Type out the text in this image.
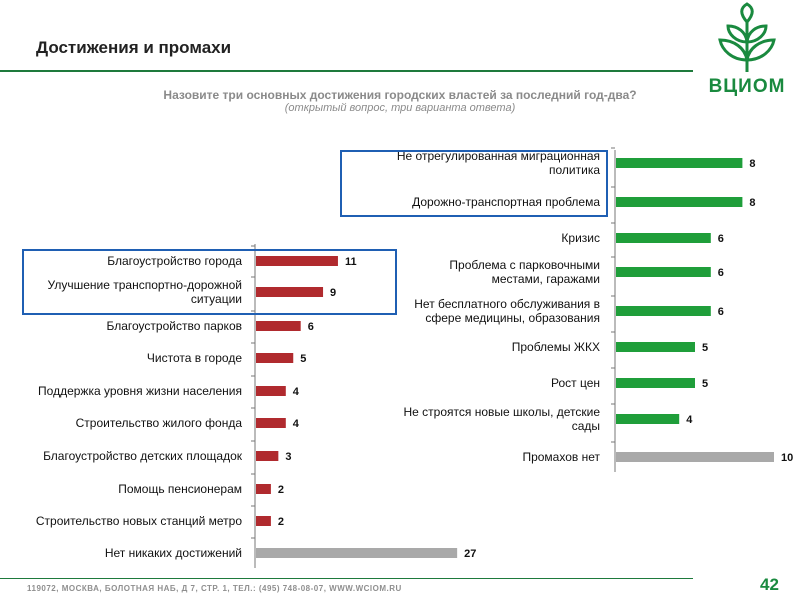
Достижения и промахи
ВЦИОМ
Назовите три основных достижения городских властей за последний год-два?
(открытый вопрос, три варианта ответа)
11
Благоустройство города
9
Улучшение транспортно-дорожной ситуации
6
Благоустройство парков
5
Чистота в городе
4
Поддержка уровня жизни населения
4
Строительство жилого фонда
3
Благоустройство детских площадок
2
Помощь пенсионерам
2
Строительство новых станций метро
27
Нет никаких достижений
8
Не отрегулированная миграционная политика
8
Дорожно-транспортная проблема
6
Кризис
6
Проблема с парковочными местами, гаражами
6
Нет бесплатного обслуживания в сфере медицины, образования
5
Проблемы ЖКХ
5
Рост цен
4
Не строятся новые школы, детские сады
10
Промахов нет
119072, МОСКВА, БОЛОТНАЯ НАБ, Д 7, СТР. 1, ТЕЛ.: (495) 748-08-07, WWW.WCIOM.RU	42
